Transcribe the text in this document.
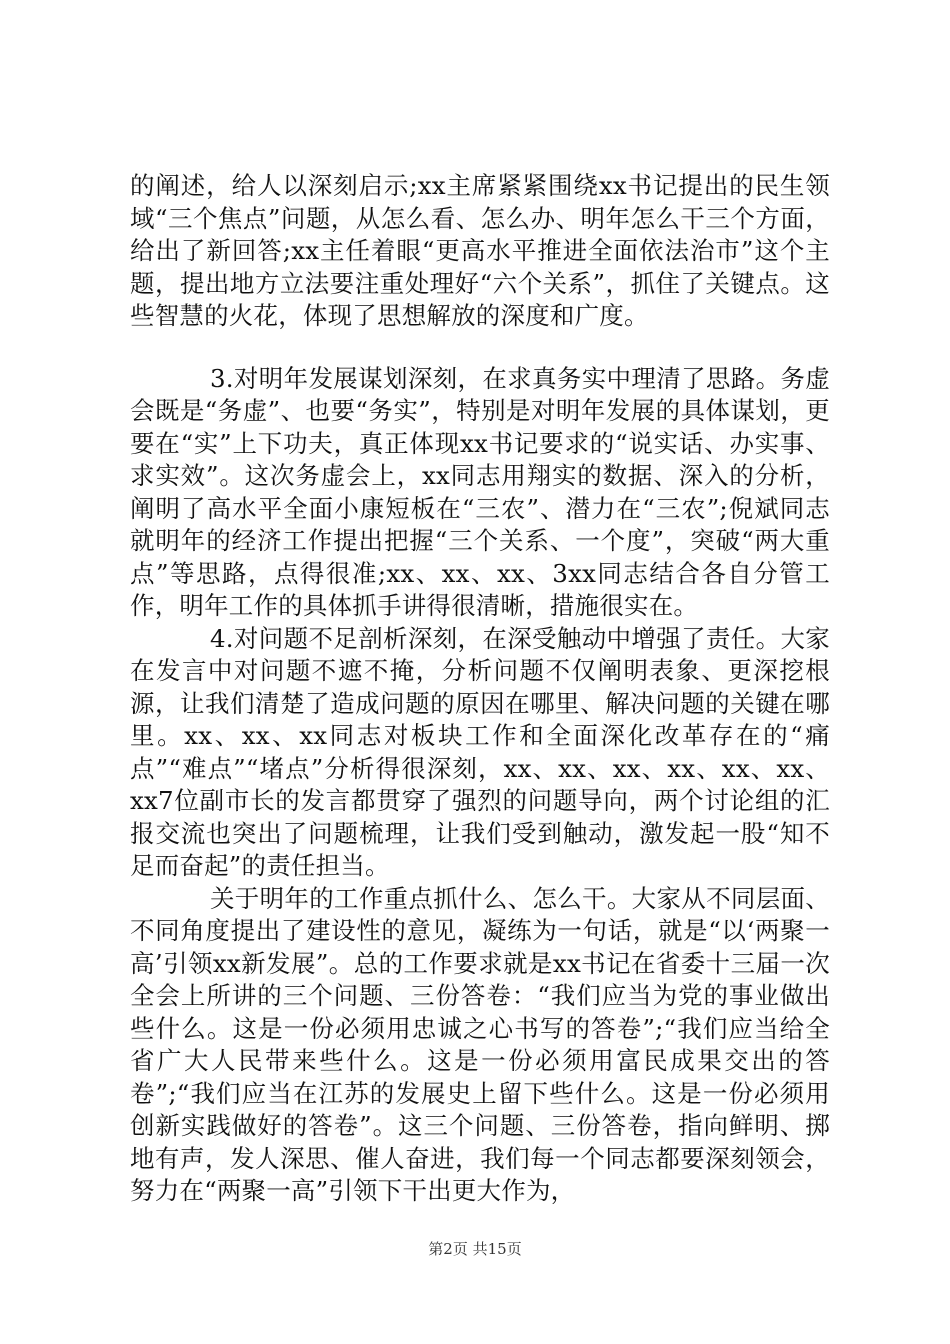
的阐述，给人以深刻启示;xx主席紧紧围绕xx书记提出的民生领域“三个焦点”问题，从怎么看、怎么办、明年怎么干三个方面，给出了新回答;xx主任着眼“更高水平推进全面依法治市”这个主题，提出地方立法要注重处理好“六个关系”，抓住了关键点。这些智慧的火花，体现了思想解放的深度和广度。

3.对明年发展谋划深刻，在求真务实中理清了思路。务虚会既是“务虚”、也要“务实”，特别是对明年发展的具体谋划，更要在“实”上下功夫，真正体现xx书记要求的“说实话、办实事、求实效”。这次务虚会上，xx同志用翔实的数据、深入的分析，阐明了高水平全面小康短板在“三农”、潜力在“三农”;倪斌同志就明年的经济工作提出把握“三个关系、一个度”，突破“两大重点”等思路，点得很准;xx、xx、xx、3xx同志结合各自分管工作，明年工作的具体抓手讲得很清晰，措施很实在。

4.对问题不足剖析深刻，在深受触动中增强了责任。大家在发言中对问题不遮不掩，分析问题不仅阐明表象、更深挖根源，让我们清楚了造成问题的原因在哪里、解决问题的关键在哪里。xx、xx、xx同志对板块工作和全面深化改革存在的“痛点”“难点”“堵点”分析得很深刻，xx、xx、xx、xx、xx、xx、xx7位副市长的发言都贯穿了强烈的问题导向，两个讨论组的汇报交流也突出了问题梳理，让我们受到触动，激发起一股“知不足而奋起”的责任担当。

关于明年的工作重点抓什么、怎么干。大家从不同层面、不同角度提出了建设性的意见，凝练为一句话，就是“以‘两聚一高’引领xx新发展”。总的工作要求就是xx书记在省委十三届一次全会上所讲的三个问题、三份答卷：“我们应当为党的事业做出些什么。这是一份必须用忠诚之心书写的答卷”;“我们应当给全省广大人民带来些什么。这是一份必须用富民成果交出的答卷”;“我们应当在江苏的发展史上留下些什么。这是一份必须用创新实践做好的答卷”。这三个问题、三份答卷，指向鲜明、掷地有声，发人深思、催人奋进，我们每一个同志都要深刻领会，努力在“两聚一高”引领下干出更大作为，

第2页 共15页
